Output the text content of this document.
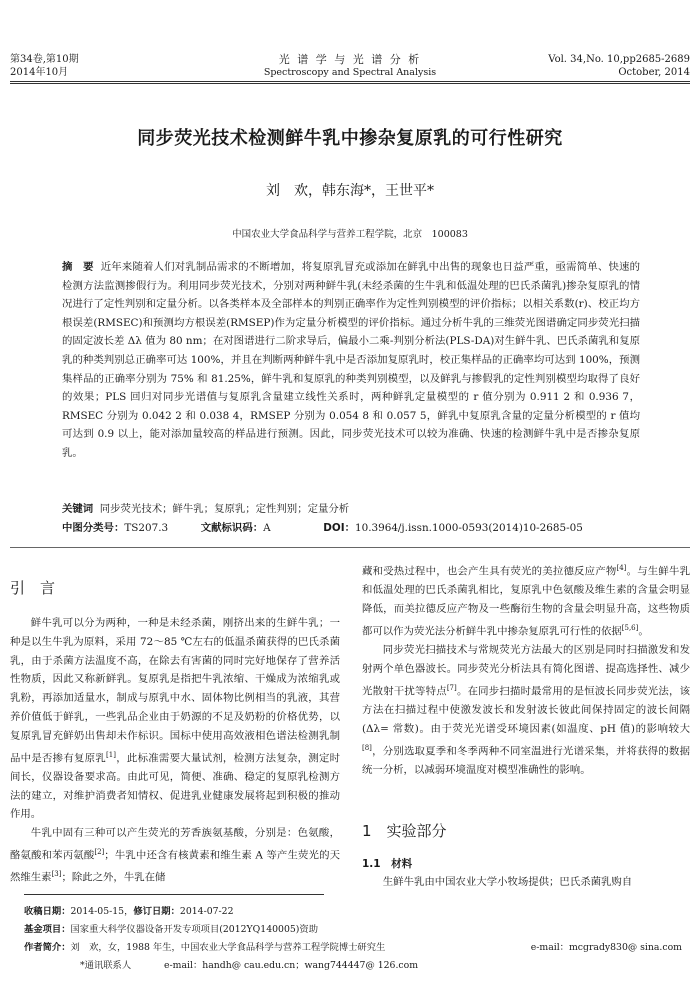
第34卷,第10期
2014年10月
光 谱 学 与 光 谱 分 析
Spectroscopy and Spectral Analysis
Vol. 34,No. 10,pp2685-2689
October, 2014
同步荧光技术检测鲜牛乳中掺杂复原乳的可行性研究
刘　欢，韩东海*，王世平*
中国农业大学食品科学与营养工程学院，北京　100083
摘　要 近年来随着人们对乳制品需求的不断增加，将复原乳冒充或添加在鲜乳中出售的现象也日益严重，亟需简单、快速的检测方法监测掺假行为。利用同步荧光技术，分别对两种鲜牛乳(未经杀菌的生牛乳和低温处理的巴氏杀菌乳)掺杂复原乳的情况进行了定性判别和定量分析。以各类样本及全部样本的判别正确率作为定性判别模型的评价指标；以相关系数(r)、校正均方根误差(RMSEC)和预测均方根误差(RMSEP)作为定量分析模型的评价指标。通过分析牛乳的三维荧光图谱确定同步荧光扫描的固定波长差 Δλ 值为 80 nm；在对图谱进行二阶求导后，偏最小二乘-判别分析法(PLS-DA)对生鲜牛乳、巴氏杀菌乳和复原乳的种类判别总正确率可达 100%，并且在判断两种鲜牛乳中是否添加复原乳时，校正集样品的正确率均可达到 100%，预测集样品的正确率分别为 75% 和 81.25%，鲜牛乳和复原乳的种类判别模型，以及鲜乳与掺假乳的定性判别模型均取得了良好的效果；PLS 回归对同步光谱值与复原乳含量建立线性关系时，两种鲜乳定量模型的 r 值分别为 0.911 2 和 0.936 7，RMSEC 分别为 0.042 2 和 0.038 4，RMSEP 分别为 0.054 8 和 0.057 5，鲜乳中复原乳含量的定量分析模型的 r 值均可达到 0.9 以上，能对添加量较高的样品进行预测。因此，同步荧光技术可以较为准确、快速的检测鲜牛乳中是否掺杂复原乳。
关键词 同步荧光技术；鲜牛乳；复原乳；定性判别；定量分析
中图分类号：TS207.3	文献标识码：A	DOI：10.3964/j.issn.1000-0593(2014)10-2685-05
引　言

鲜牛乳可以分为两种，一种是未经杀菌，刚挤出来的生鲜牛乳；一种是以生牛乳为原料，采用 72～85 ℃左右的低温杀菌获得的巴氏杀菌乳，由于杀菌方法温度不高，在除去有害菌的同时完好地保存了营养活性物质，因此又称新鲜乳。复原乳是指把牛乳浓缩、干燥成为浓缩乳或乳粉，再添加适量水，制成与原乳中水、固体物比例相当的乳液，其营养价值低于鲜乳，一些乳品企业由于奶源的不足及奶粉的价格优势，以复原乳冒充鲜奶出售却未作标识。国标中使用高效液相色谱法检测乳制品中是否掺有复原乳[1]，此标准需要大量试剂，检测方法复杂，测定时间长，仪器设备要求高。由此可见，简便、准确、稳定的复原乳检测方法的建立，对维护消费者知情权、促进乳业健康发展将起到积极的推动作用。

牛乳中固有三种可以产生荧光的芳香族氨基酸，分别是：色氨酸，酪氨酸和苯丙氨酸[2]；牛乳中还含有核黄素和维生素 A 等产生荧光的天然维生素[3]；除此之外，牛乳在储

藏和受热过程中，也会产生具有荧光的美拉德反应产物[4]。与生鲜牛乳和低温处理的巴氏杀菌乳相比，复原乳中色氨酸及维生素的含量会明显降低，而美拉德反应产物及一些酶衍生物的含量会明显升高，这些物质都可以作为荧光法分析鲜牛乳中掺杂复原乳可行性的依据[5,6]。

同步荧光扫描技术与常规荧光方法最大的区别是同时扫描激发和发射两个单色器波长。同步荧光分析法具有简化图谱、提高选择性、减少光散射干扰等特点[7]。在同步扫描时最常用的是恒波长同步荧光法，该方法在扫描过程中使激发波长和发射波长彼此间保持固定的波长间隔(Δλ= 常数)。由于荧光光谱受环境因素(如温度、pH 值)的影响较大[8]，分别选取夏季和冬季两种不同室温进行光谱采集，并将获得的数据统一分析，以减弱环境温度对模型准确性的影响。

1　实验部分
1.1　材料

生鲜牛乳由中国农业大学小牧场提供；巴氏杀菌乳购自

收稿日期：2014-05-15，修订日期：2014-07-22
基金项目：国家重大科学仪器设备开发专项项目(2012YQ140005)资助
作者简介：刘　欢，女，1988 年生，中国农业大学食品科学与营养工程学院博士研究生	e-mail：mcgrady830@ sina.com
*通讯联系人	e-mail：handh@ cau.edu.cn；wang744447@ 126.com
